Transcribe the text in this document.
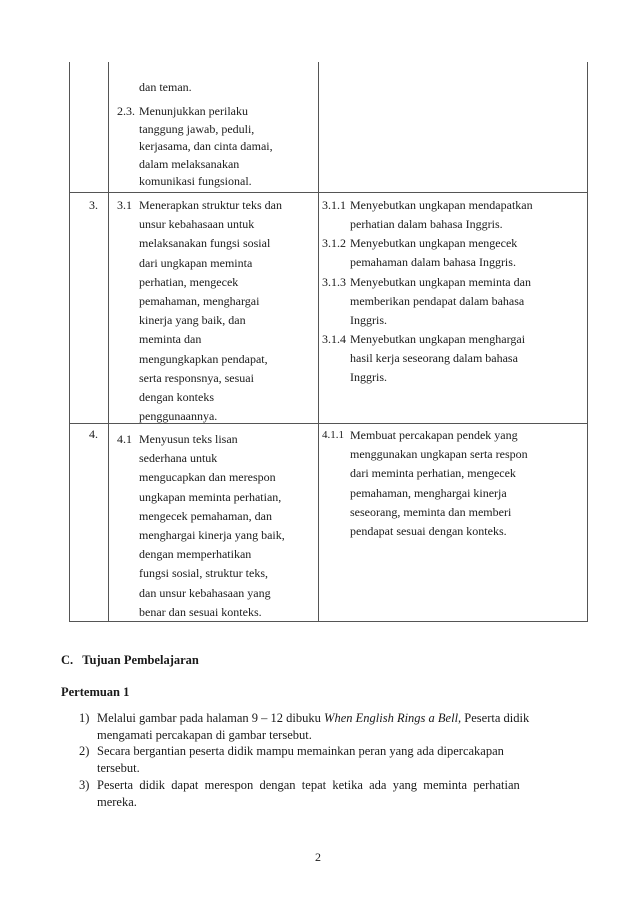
dan teman.
2.3. Menunjukkan perilaku
tanggung jawab, peduli,
kerjasama, dan cinta damai,
dalam melaksanakan
komunikasi fungsional.
3. 3.1 Menerapkan struktur teks dan
unsur kebahasaan untuk
melaksanakan fungsi sosial
dari ungkapan meminta
perhatian, mengecek
pemahaman, menghargai
kinerja yang baik, dan
meminta dan
mengungkapkan pendapat,
serta responsnya, sesuai
dengan konteks
penggunaannya.
3.1.1 Menyebutkan ungkapan mendapatkan
perhatian dalam bahasa Inggris.
3.1.2 Menyebutkan ungkapan mengecek
pemahaman dalam bahasa Inggris.
3.1.3 Menyebutkan ungkapan meminta dan
memberikan pendapat dalam bahasa
Inggris.
3.1.4 Menyebutkan ungkapan menghargai
hasil kerja seseorang dalam bahasa
Inggris.
4. 4.1 Menyusun teks lisan
sederhana untuk
mengucapkan dan merespon
ungkapan meminta perhatian,
mengecek pemahaman, dan
menghargai kinerja yang baik,
dengan memperhatikan
fungsi sosial, struktur teks,
dan unsur kebahasaan yang
benar dan sesuai konteks.
4.1.1 Membuat percakapan pendek yang
menggunakan ungkapan serta respon
dari meminta perhatian, mengecek
pemahaman, menghargai kinerja
seseorang, meminta dan memberi
pendapat sesuai dengan konteks.
C.   Tujuan Pembelajaran
Pertemuan 1
1) Melalui gambar pada halaman 9 – 12 dibuku When English Rings a Bell, Peserta didik
mengamati percakapan di gambar tersebut.
2) Secara bergantian peserta didik mampu memainkan peran yang ada dipercakapan
tersebut.
3) Peserta  didik  dapat  merespon  dengan  tepat  ketika  ada  yang  meminta  perhatian
mereka.
2
